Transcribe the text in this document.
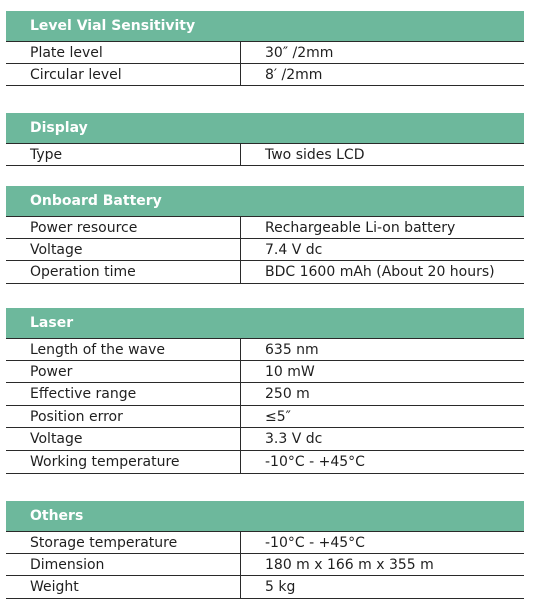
Level Vial Sensitivity
Plate level	30″ /2mm
Circular level	8′ /2mm
Display
Type	Two sides LCD
Onboard Battery
Power resource	Rechargeable Li-on battery
Voltage	7.4 V dc
Operation time	BDC 1600 mAh (About 20 hours)
Laser
Length of the wave	635 nm
Power	10 mW
Effective range	250 m
Position error	≤5″
Voltage	3.3 V dc
Working temperature	-10°C - +45°C
Others
Storage temperature	-10°C - +45°C
Dimension	180 m x 166 m x 355 m
Weight	5 kg
